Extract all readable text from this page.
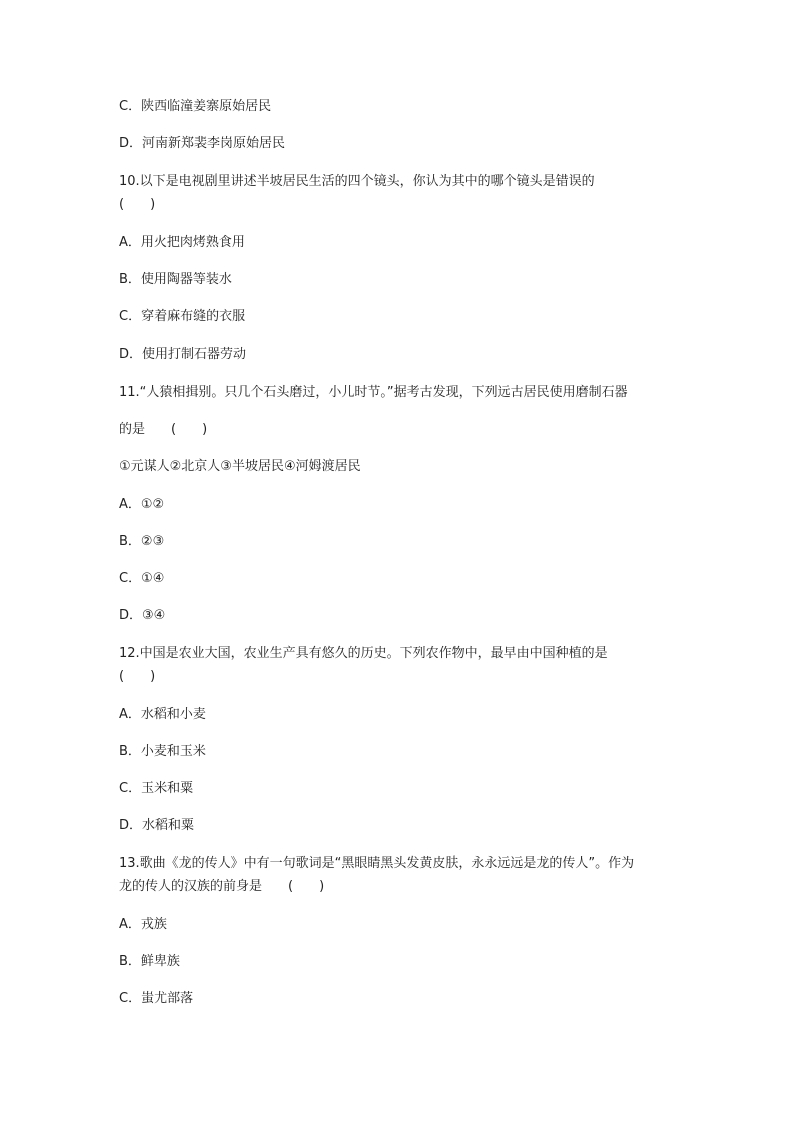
C．陕西临潼姜寨原始居民
D．河南新郑裴李岗原始居民
10.以下是电视剧里讲述半坡居民生活的四个镜头，你认为其中的哪个镜头是错误的
(　　)
A．用火把肉烤熟食用
B．使用陶器等装水
C．穿着麻布缝的衣服
D．使用打制石器劳动
11.“人猿相揖别。只几个石头磨过，小儿时节。”据考古发现，下列远古居民使用磨制石器
的是　　(　　)
①元谋人②北京人③半坡居民④河姆渡居民
A．①②
B．②③
C．①④
D．③④
12.中国是农业大国，农业生产具有悠久的历史。下列农作物中，最早由中国种植的是
(　　)
A．水稻和小麦
B．小麦和玉米
C．玉米和粟
D．水稻和粟
13.歌曲《龙的传人》中有一句歌词是“黑眼睛黑头发黄皮肤，永永远远是龙的传人”。作为
龙的传人的汉族的前身是　　(　　)
A．戎族
B．鲜卑族
C．蚩尤部落
